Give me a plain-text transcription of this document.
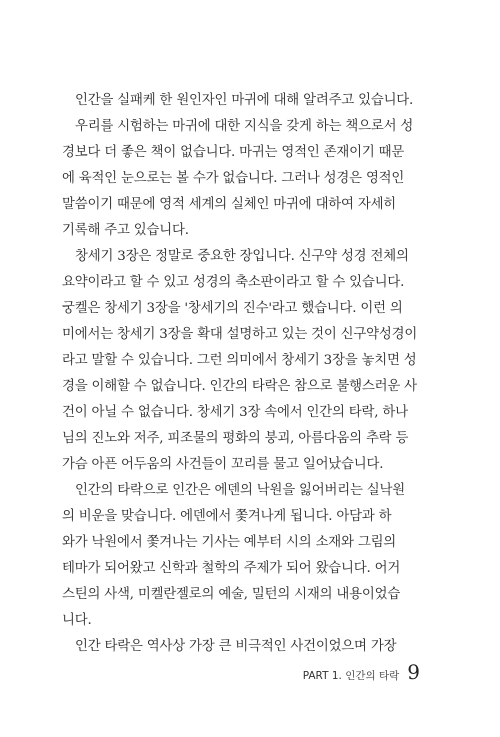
인간을 실패케 한 원인자인 마귀에 대해 알려주고 있습니다.
우리를 시험하는 마귀에 대한 지식을 갖게 하는 책으로서 성
경보다 더 좋은 책이 없습니다. 마귀는 영적인 존재이기 때문
에 육적인 눈으로는 볼 수가 없습니다. 그러나 성경은 영적인
말씀이기 때문에 영적 세계의 실체인 마귀에 대하여 자세히
기록해 주고 있습니다.
창세기 3장은 정말로 중요한 장입니다. 신구약 성경 전체의
요약이라고 할 수 있고 성경의 축소판이라고 할 수 있습니다.
궁켈은 창세기 3장을 '창세기의 진수'라고 했습니다. 이런 의
미에서는 창세기 3장을 확대 설명하고 있는 것이 신구약성경이
라고 말할 수 있습니다. 그런 의미에서 창세기 3장을 놓치면 성
경을 이해할 수 없습니다. 인간의 타락은 참으로 불행스러운 사
건이 아닐 수 없습니다. 창세기 3장 속에서 인간의 타락, 하나
님의 진노와 저주, 피조물의 평화의 붕괴, 아름다움의 추락 등
가슴 아픈 어두움의 사건들이 꼬리를 물고 일어났습니다.
인간의 타락으로 인간은 에덴의 낙원을 잃어버리는 실낙원
의 비운을 맞습니다. 에덴에서 쫓겨나게 됩니다. 아담과 하
와가 낙원에서 쫓겨나는 기사는 예부터 시의 소재와 그림의
테마가 되어왔고 신학과 철학의 주제가 되어 왔습니다. 어거
스틴의 사색, 미켈란젤로의 예술, 밀턴의 시재의 내용이었습
니다.
인간 타락은 역사상 가장 큰 비극적인 사건이었으며 가장
PART 1. 인간의 타락 9
